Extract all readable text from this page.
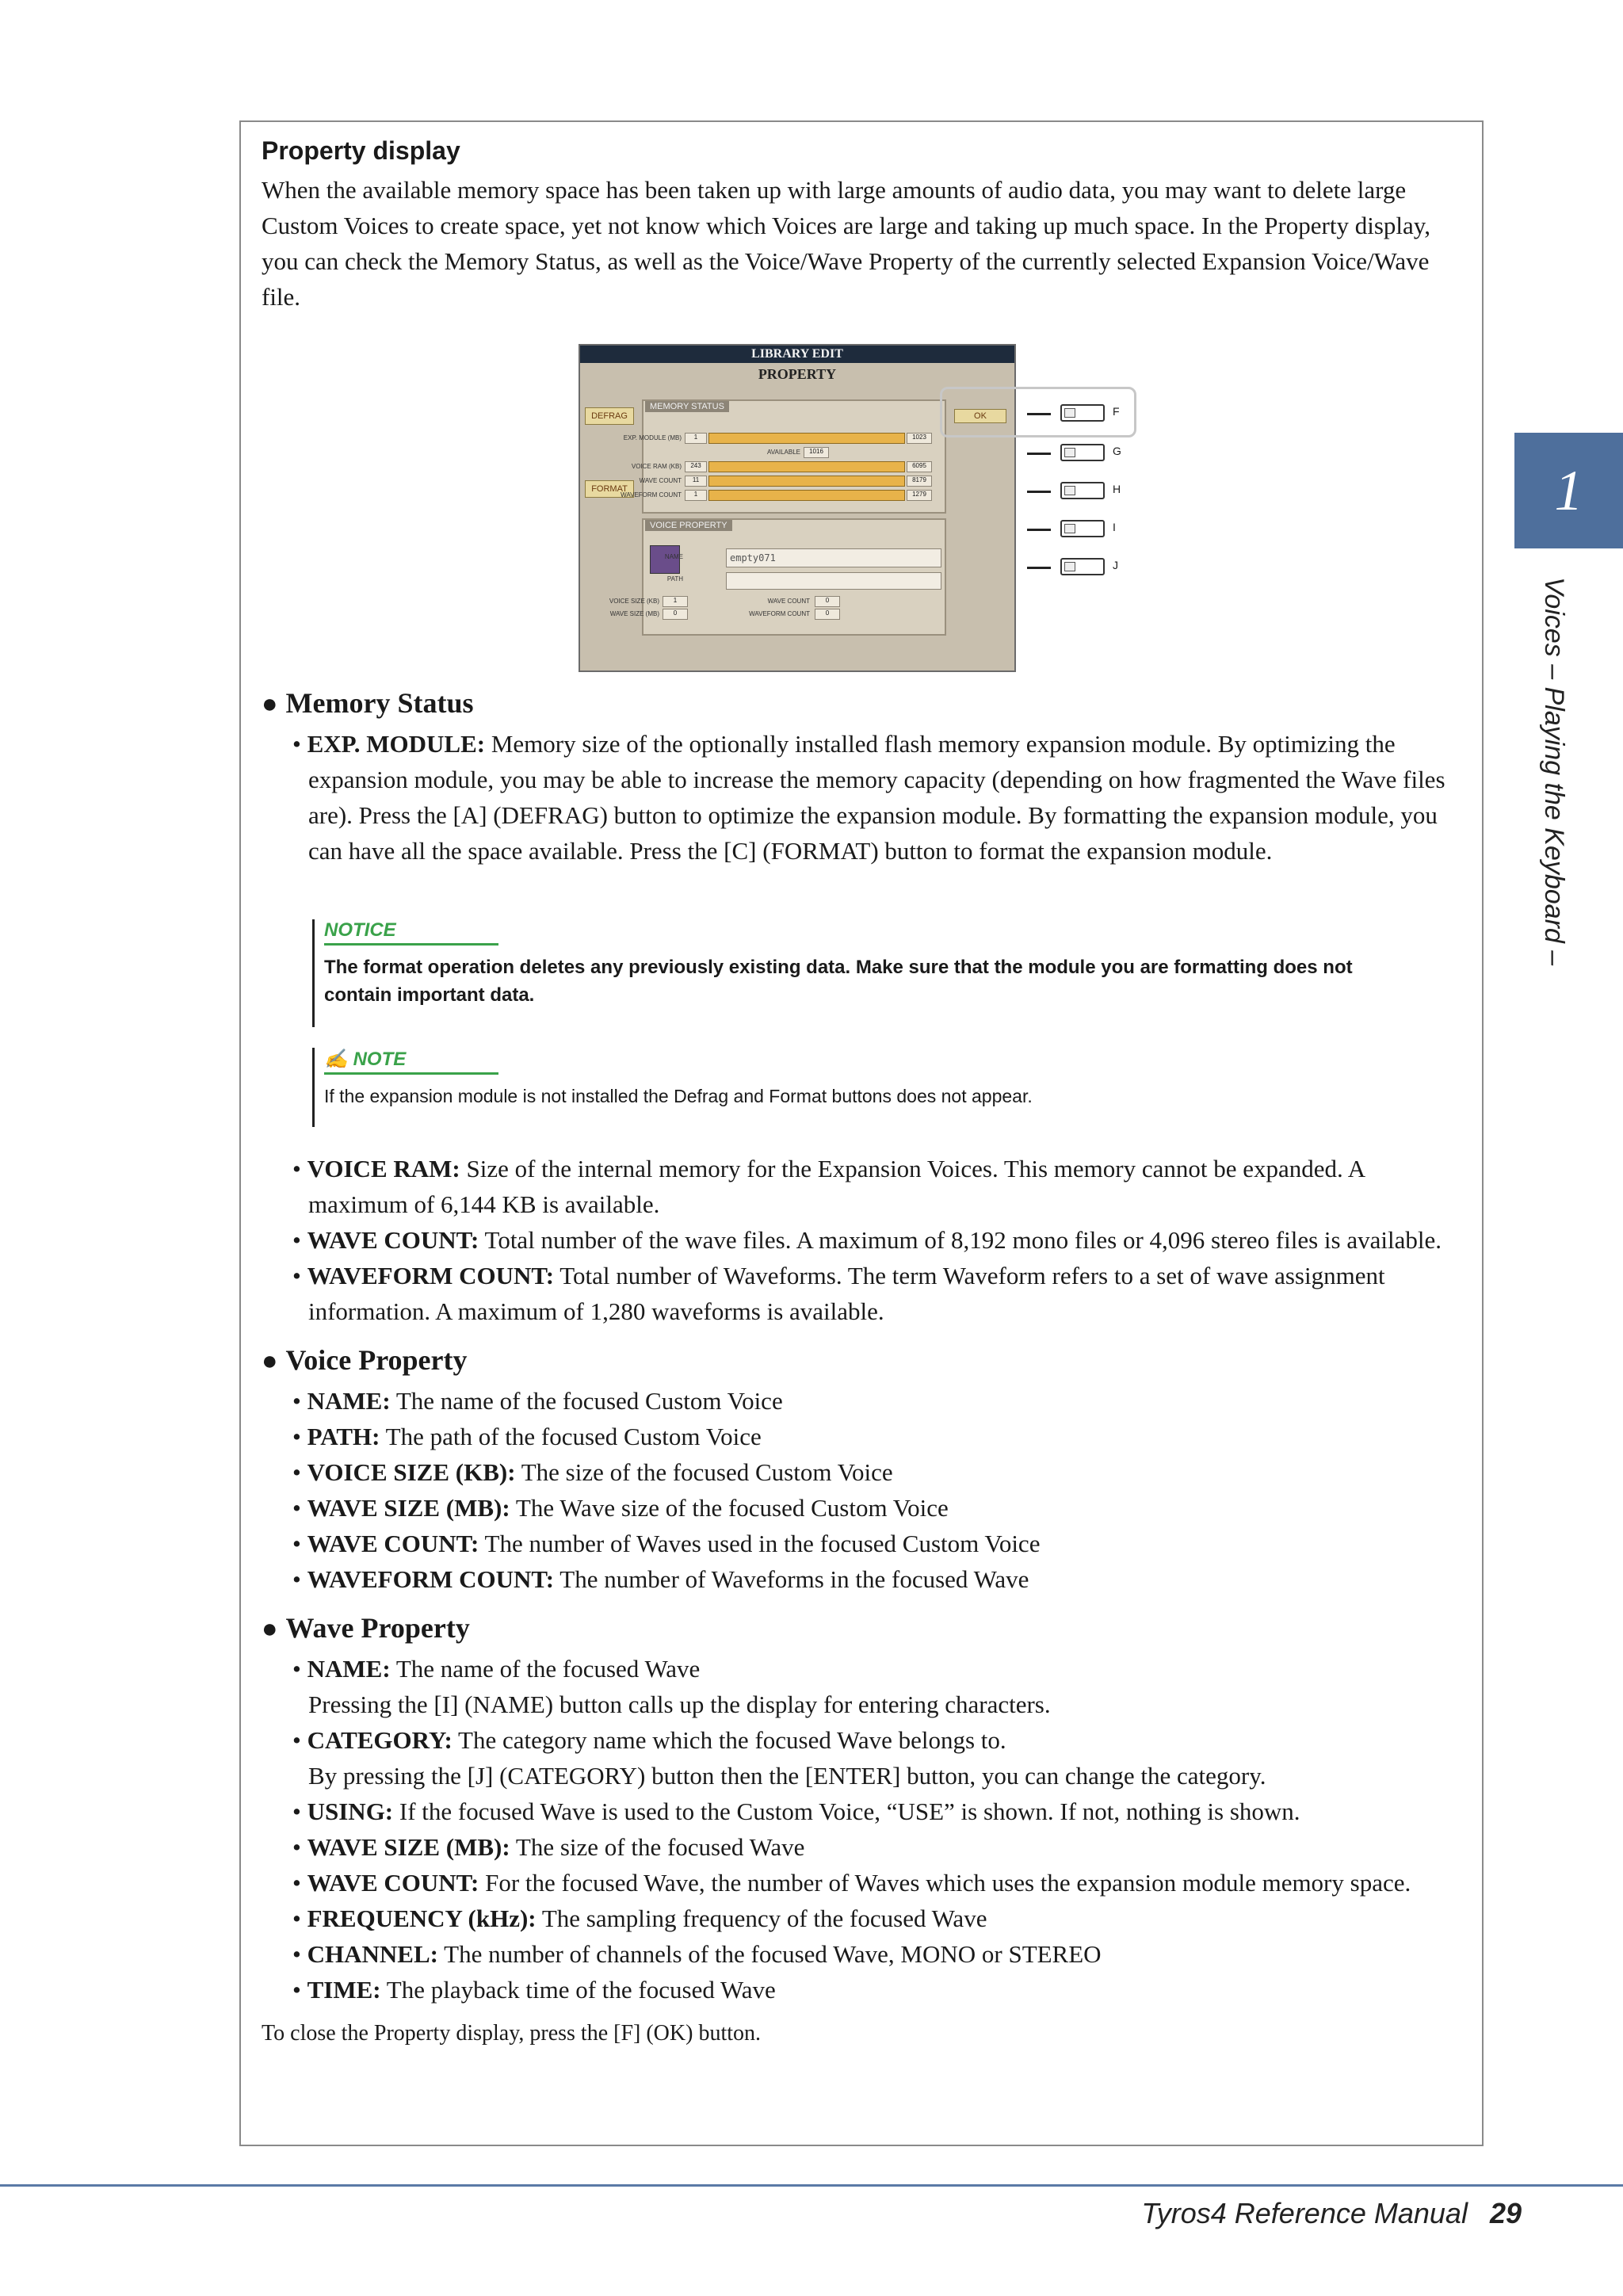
Property display

When the available memory space has been taken up with large amounts of audio data, you may want to delete large Custom Voices to create space, yet not know which Voices are large and taking up much space. In the Property display, you can check the Memory Status, as well as the Voice/Wave Property of the currently selected Expansion Voice/Wave file.

LIBRARY EDIT
PROPERTY
DEFRAG
FORMAT
MEMORY STATUS
OK
EXP. MODULE (MB)	1	1023
AVAILABLE	1016
VOICE RAM (KB)	243	6095
WAVE COUNT	11	8179
WAVEFORM COUNT	1	1279
VOICE PROPERTY
NAME	empty071
PATH
VOICE SIZE (KB)	1
WAVE SIZE (MB)	0
WAVE COUNT	0
WAVEFORM COUNT	0
F
G
H
I
J
● Memory Status

• EXP. MODULE: Memory size of the optionally installed flash memory expansion module. By optimizing the expansion module, you may be able to increase the memory capacity (depending on how fragmented the Wave files are). Press the [A] (DEFRAG) button to optimize the expansion module. By formatting the expansion module, you can have all the space available. Press the [C] (FORMAT) button to format the expansion module.

NOTICE
The format operation deletes any previously existing data. Make sure that the module you are formatting does not
contain important data.
✍ NOTE
If the expansion module is not installed the Defrag and Format buttons does not appear.

• VOICE RAM: Size of the internal memory for the Expansion Voices. This memory cannot be expanded. A maximum of 6,144 KB is available.

• WAVE COUNT: Total number of the wave files. A maximum of 8,192 mono files or 4,096 stereo files is available.

• WAVEFORM COUNT: Total number of Waveforms. The term Waveform refers to a set of wave assignment information. A maximum of 1,280 waveforms is available.

● Voice Property

• NAME: The name of the focused Custom Voice

• PATH: The path of the focused Custom Voice

• VOICE SIZE (KB): The size of the focused Custom Voice

• WAVE SIZE (MB): The Wave size of the focused Custom Voice

• WAVE COUNT: The number of Waves used in the focused Custom Voice

• WAVEFORM COUNT: The number of Waveforms in the focused Wave

● Wave Property

• NAME: The name of the focused Wave

Pressing the [I] (NAME) button calls up the display for entering characters.

• CATEGORY: The category name which the focused Wave belongs to.

By pressing the [J] (CATEGORY) button then the [ENTER] button, you can change the category.

• USING: If the focused Wave is used to the Custom Voice, “USE” is shown. If not, nothing is shown.

• WAVE SIZE (MB): The size of the focused Wave

• WAVE COUNT: For the focused Wave, the number of Waves which uses the expansion module memory space.

• FREQUENCY (kHz): The sampling frequency of the focused Wave

• CHANNEL: The number of channels of the focused Wave, MONO or STEREO

• TIME: The playback time of the focused Wave

To close the Property display, press the [F] (OK) button.

1
Voices – Playing the Keyboard –
Tyros4 Reference Manual 29
